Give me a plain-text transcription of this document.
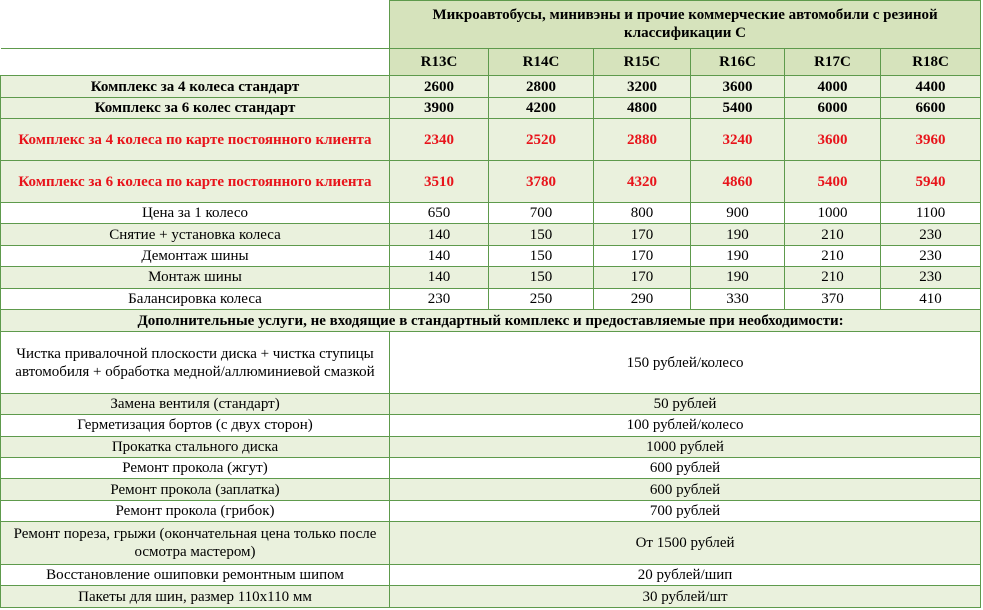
	Микроавтобусы, минивэны и прочие коммерческие автомобили с резиной классификации С					
	R13C	R14C	R15C	R16C	R17C	R18C
Комплекс за 4 колеса стандарт	2600	2800	3200	3600	4000	4400
Комплекс за 6 колес стандарт	3900	4200	4800	5400	6000	6600
Комплекс за 4 колеса по карте постоянного клиента	2340	2520	2880	3240	3600	3960
Комплекс за 6 колеса по карте постоянного клиента	3510	3780	4320	4860	5400	5940
Цена за 1 колесо	650	700	800	900	1000	1100
Снятие + установка колеса	140	150	170	190	210	230
Демонтаж шины	140	150	170	190	210	230
Монтаж шины	140	150	170	190	210	230
Балансировка колеса	230	250	290	330	370	410
Дополнительные услуги, не входящие в стандартный комплекс и предоставляемые при необходимости:						
Чистка привалочной плоскости диска + чистка ступицы автомобиля + обработка медной/аллюминиевой смазкой	150 рублей/колесо					
Замена вентиля (стандарт)	50 рублей					
Герметизация бортов (с двух сторон)	100 рублей/колесо					
Прокатка стального диска	1000 рублей					
Ремонт прокола (жгут)	600 рублей					
Ремонт прокола (заплатка)	600 рублей					
Ремонт прокола (грибок)	700 рублей					
Ремонт пореза, грыжи (окончательная цена только после осмотра мастером)	От 1500 рублей					
Восстановление ошиповки ремонтным шипом	20 рублей/шип					
Пакеты для шин, размер 110х110 мм	30 рублей/шт					
